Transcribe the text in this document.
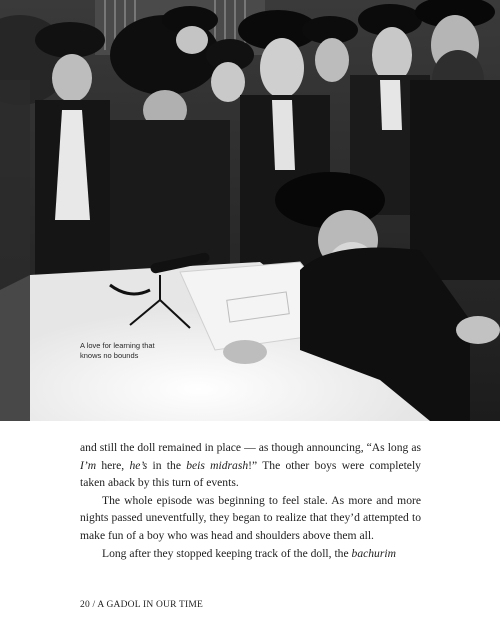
A love for learning that
knows no bounds

and still the doll remained in place — as though announcing, “As long as I’m here, he’s in the beis midrash!” The other boys were completely taken aback by this turn of events.

The whole episode was beginning to feel stale. As more and more nights passed uneventfully, they began to realize that they’d attempted to make fun of a boy who was head and shoulders above them all.

Long after they stopped keeping track of the doll, the bachurim

20 / A GADOL IN OUR TIME
